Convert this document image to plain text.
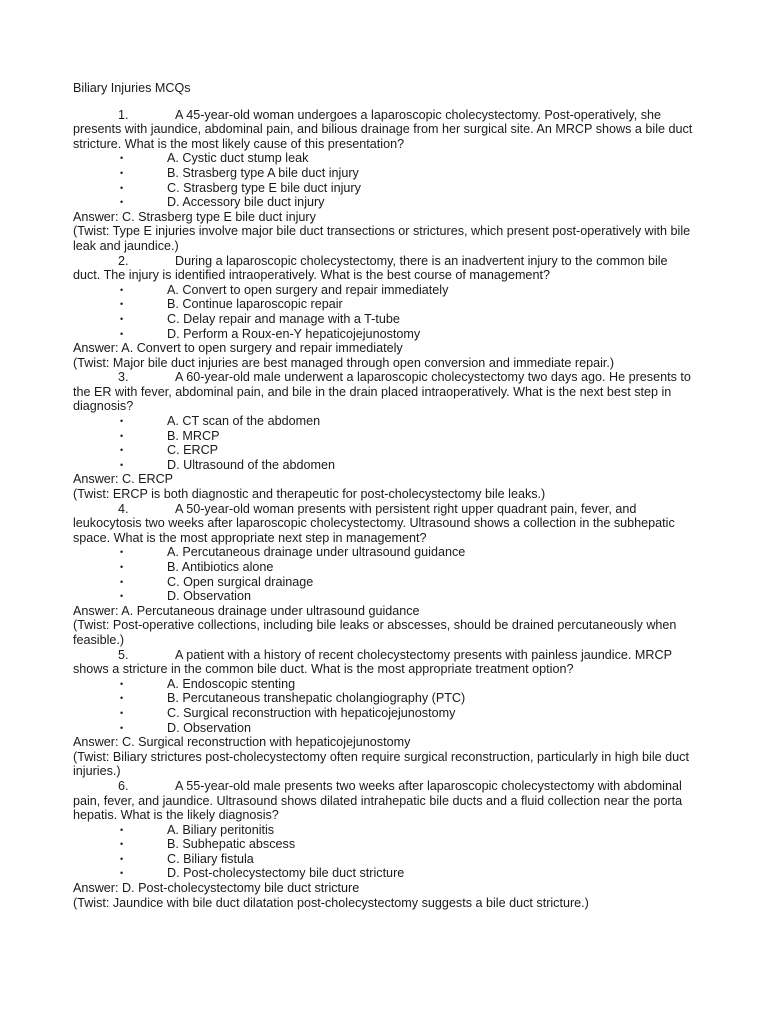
Biliary Injuries MCQs

1.	A 45-year-old woman undergoes a laparoscopic cholecystectomy. Post-operatively, she presents with jaundice, abdominal pain, and bilious drainage from her surgical site. An MRCP shows a bile duct stricture. What is the most likely cause of this presentation?

•	A. Cystic duct stump leak

•	B. Strasberg type A bile duct injury

•	C. Strasberg type E bile duct injury

•	D. Accessory bile duct injury

Answer: C. Strasberg type E bile duct injury

(Twist: Type E injuries involve major bile duct transections or strictures, which present post-operatively with bile leak and jaundice.)

2.	During a laparoscopic cholecystectomy, there is an inadvertent injury to the common bile duct. The injury is identified intraoperatively. What is the best course of management?

•	A. Convert to open surgery and repair immediately

•	B. Continue laparoscopic repair

•	C. Delay repair and manage with a T-tube

•	D. Perform a Roux-en-Y hepaticojejunostomy

Answer: A. Convert to open surgery and repair immediately

(Twist: Major bile duct injuries are best managed through open conversion and immediate repair.)

3.	A 60-year-old male underwent a laparoscopic cholecystectomy two days ago. He presents to the ER with fever, abdominal pain, and bile in the drain placed intraoperatively. What is the next best step in diagnosis?

•	A. CT scan of the abdomen

•	B. MRCP

•	C. ERCP

•	D. Ultrasound of the abdomen

Answer: C. ERCP

(Twist: ERCP is both diagnostic and therapeutic for post-cholecystectomy bile leaks.)

4.	A 50-year-old woman presents with persistent right upper quadrant pain, fever, and leukocytosis two weeks after laparoscopic cholecystectomy. Ultrasound shows a collection in the subhepatic space. What is the most appropriate next step in management?

•	A. Percutaneous drainage under ultrasound guidance

•	B. Antibiotics alone

•	C. Open surgical drainage

•	D. Observation

Answer: A. Percutaneous drainage under ultrasound guidance

(Twist: Post-operative collections, including bile leaks or abscesses, should be drained percutaneously when feasible.)

5.	A patient with a history of recent cholecystectomy presents with painless jaundice. MRCP shows a stricture in the common bile duct. What is the most appropriate treatment option?

•	A. Endoscopic stenting

•	B. Percutaneous transhepatic cholangiography (PTC)

•	C. Surgical reconstruction with hepaticojejunostomy

•	D. Observation

Answer: C. Surgical reconstruction with hepaticojejunostomy

(Twist: Biliary strictures post-cholecystectomy often require surgical reconstruction, particularly in high bile duct injuries.)

6.	A 55-year-old male presents two weeks after laparoscopic cholecystectomy with abdominal pain, fever, and jaundice. Ultrasound shows dilated intrahepatic bile ducts and a fluid collection near the porta hepatis. What is the likely diagnosis?

•	A. Biliary peritonitis

•	B. Subhepatic abscess

•	C. Biliary fistula

•	D. Post-cholecystectomy bile duct stricture

Answer: D. Post-cholecystectomy bile duct stricture

(Twist: Jaundice with bile duct dilatation post-cholecystectomy suggests a bile duct stricture.)
